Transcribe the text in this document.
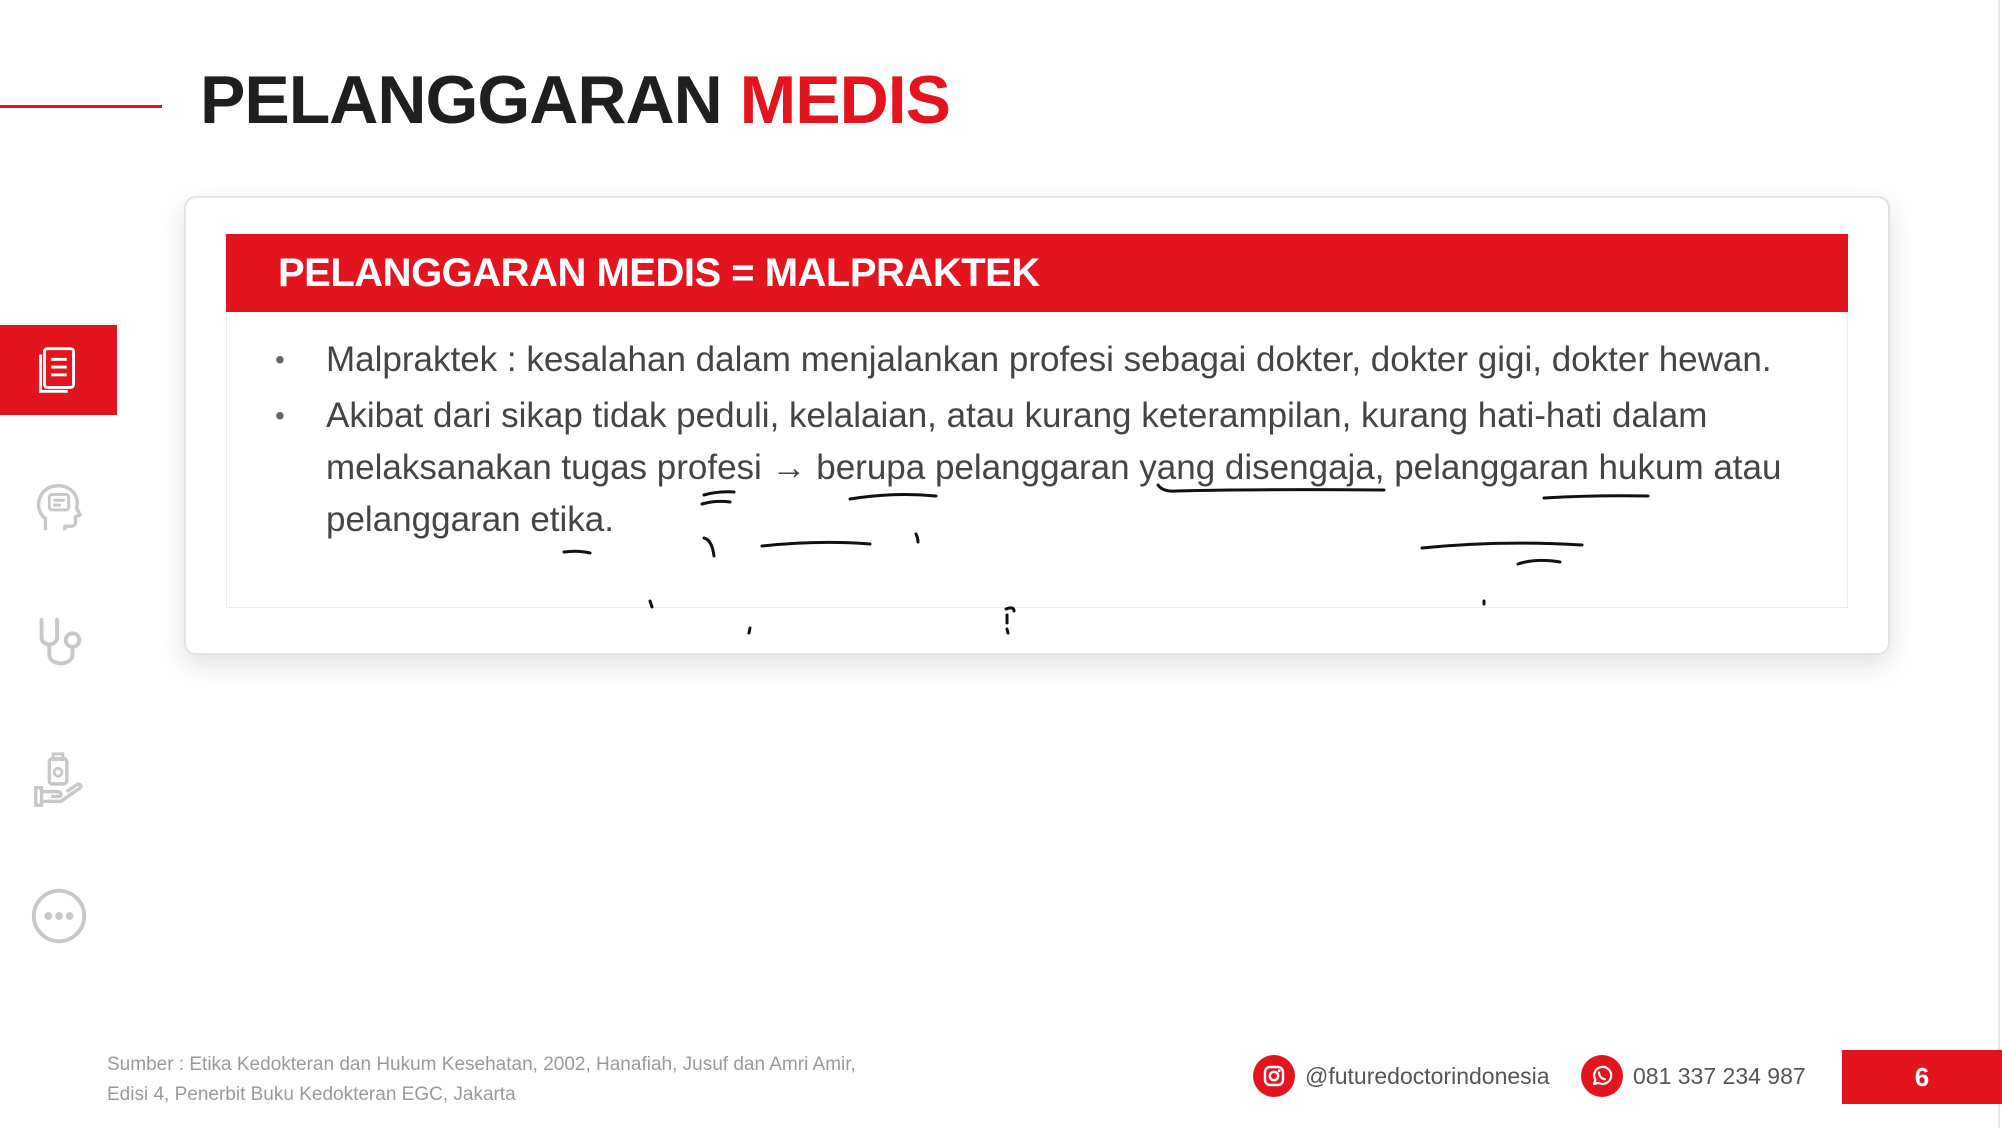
PELANGGARAN MEDIS
PELANGGARAN MEDIS = MALPRAKTEK
• Malpraktek : kesalahan dalam menjalankan profesi sebagai dokter, dokter gigi, dokter hewan.
• Akibat dari sikap tidak peduli, kelalaian, atau kurang keterampilan, kurang hati-hati dalam melaksanakan tugas profesi → berupa pelanggaran yang disengaja, pelanggaran hukum atau pelanggaran etika.
Sumber : Etika Kedokteran dan Hukum Kesehatan, 2002, Hanafiah, Jusuf dan Amri Amir,
Edisi 4, Penerbit Buku Kedokteran EGC, Jakarta
@futuredoctorindonesia	081 337 234 987	6
